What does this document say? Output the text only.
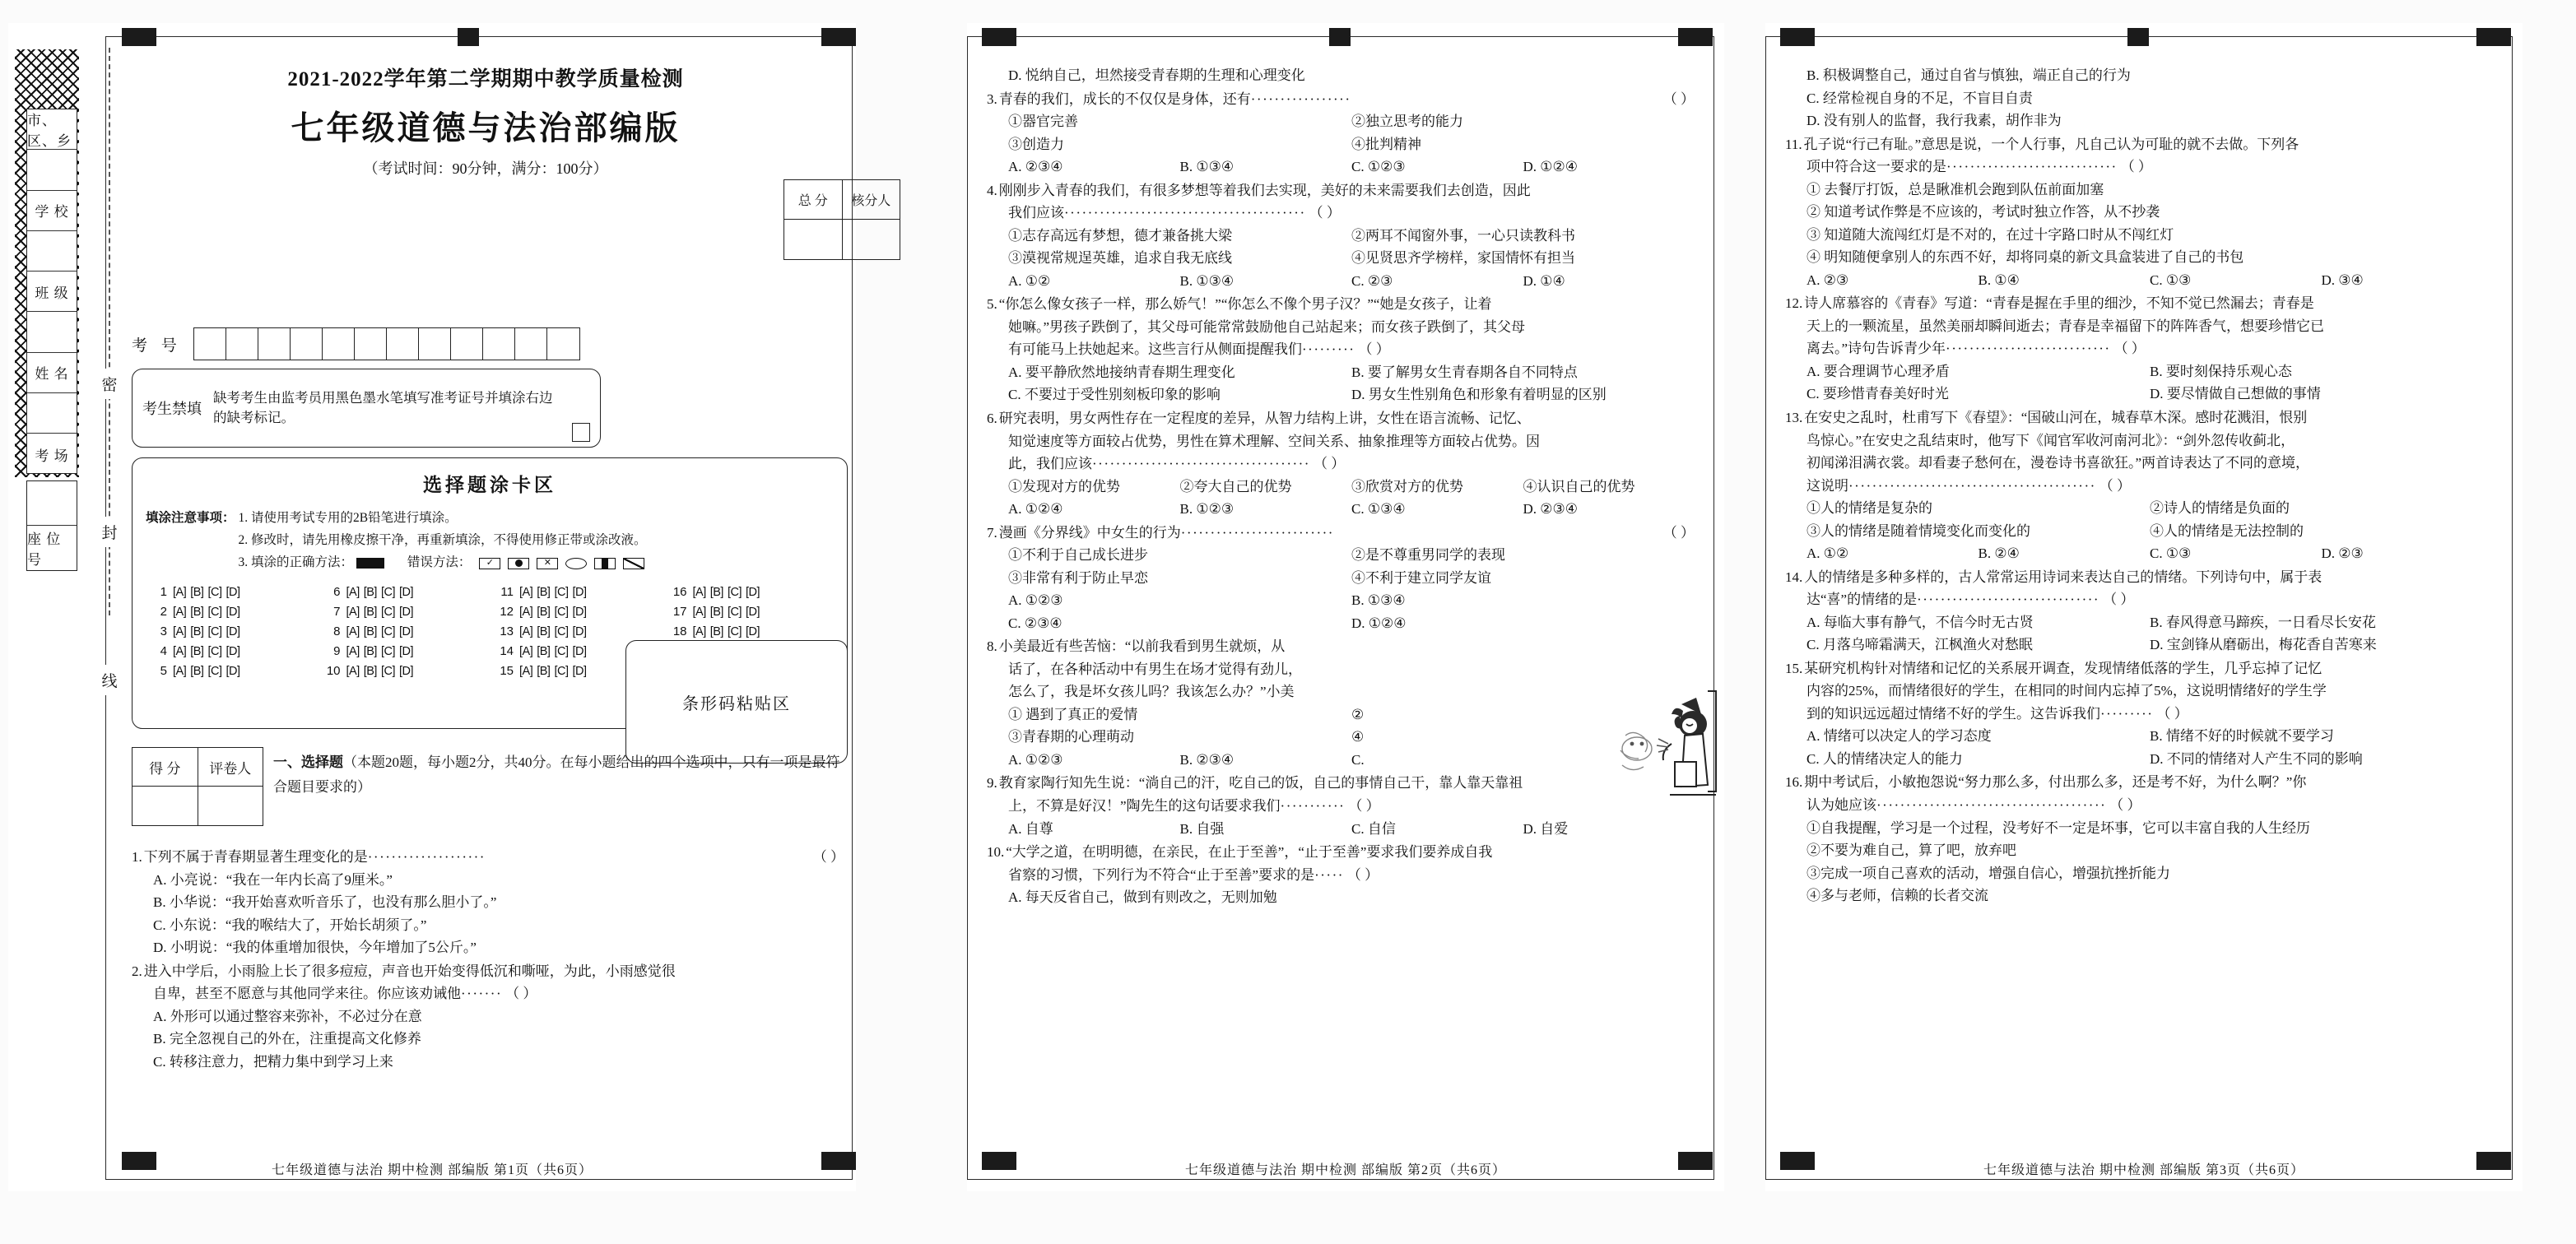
市、区、乡
学 校
班 级
姓 名
考 场
座 位 号
密
封
线
2021-2022学年第二学期期中教学质量检测
七年级道德与法治部编版
（考试时间：90分钟，满分：100分）
总 分	核分人
考 号
考生禁填
缺考考生由监考员用黑色墨水笔填写准考证号并填涂右边的缺考标记。
条形码粘贴区
选择题涂卡区
填涂注意事项： 1. 请使用考试专用的2B铅笔进行填涂。
2. 修改时，请先用橡皮擦干净，再重新填涂，不得使用修正带或涂改液。
3. 填涂的正确方法：	错误方法：	✓	✕
1 [A] [B] [C] [D]	6 [A] [B] [C] [D]	11 [A] [B] [C] [D]	16 [A] [B] [C] [D]
2 [A] [B] [C] [D]	7 [A] [B] [C] [D]	12 [A] [B] [C] [D]	17 [A] [B] [C] [D]
3 [A] [B] [C] [D]	8 [A] [B] [C] [D]	13 [A] [B] [C] [D]	18 [A] [B] [C] [D]
4 [A] [B] [C] [D]	9 [A] [B] [C] [D]	14 [A] [B] [C] [D]
5 [A] [B] [C] [D]	10 [A] [B] [C] [D]	15 [A] [B] [C] [D]
得 分	评卷人	一、选择题（本题20题，每小题2分，共40分。在每小题给出的四个选项中，只有一项是最符合题目要求的）
1. 下列不属于青春期显著生理变化的是····················	（ ）
A. 小亮说：“我在一年内长高了9厘米。”
B. 小华说：“我开始喜欢听音乐了，也没有那么胆小了。”
C. 小东说：“我的喉结大了，开始长胡须了。”
D. 小明说：“我的体重增加很快，今年增加了5公斤。”
2. 进入中学后，小雨脸上长了很多痘痘，声音也开始变得低沉和嘶哑，为此，小雨感觉很
自卑，甚至不愿意与其他同学来往。你应该劝诫他······· （ ）
A. 外形可以通过整容来弥补，不必过分在意
B. 完全忽视自己的外在，注重提高文化修养
C. 转移注意力，把精力集中到学习上来
七年级道德与法治 期中检测 部编版 第1页（共6页）
D. 悦纳自己，坦然接受青春期的生理和心理变化
3. 青春的我们，成长的不仅仅是身体，还有·················	（ ）
①器官完善	②独立思考的能力
③创造力	④批判精神
A. ②③④	B. ①③④	C. ①②③	D. ①②④
4. 刚刚步入青春的我们，有很多梦想等着我们去实现，美好的未来需要我们去创造，因此
我们应该········································· （ ）
①志存高远有梦想，德才兼备挑大梁	②两耳不闻窗外事，一心只读教科书
③漠视常规逞英雄，追求自我无底线	④见贤思齐学榜样，家国情怀有担当
A. ①②	B. ①③④	C. ②③	D. ①④
5. “你怎么像女孩子一样，那么娇气！”“你怎么不像个男子汉？”“她是女孩子，让着
她嘛。”男孩子跌倒了，其父母可能常常鼓励他自己站起来；而女孩子跌倒了，其父母
有可能马上扶她起来。这些言行从侧面提醒我们········· （ ）
A. 要平静欣然地接纳青春期生理变化	B. 要了解男女生青春期各自不同特点
C. 不要过于受性别刻板印象的影响	D. 男女生性别角色和形象有着明显的区别
6. 研究表明，男女两性存在一定程度的差异，从智力结构上讲，女性在语言流畅、记忆、
知觉速度等方面较占优势，男性在算术理解、空间关系、抽象推理等方面较占优势。因
此，我们应该····································· （ ）
①发现对方的优势	②夸大自己的优势	③欣赏对方的优势	④认识自己的优势
A. ①②④	B. ①②③	C. ①③④	D. ②③④
7. 漫画《分界线》中女生的行为··························	（ ）
①不利于自己成长进步	②是不尊重男同学的表现
③非常有利于防止早恋	④不利于建立同学友谊
A. ①②③	B. ①③④
C. ②③④	D. ①②④
8. 小美最近有些苦恼：“以前我看到男生就烦，从
话了，在各种活动中有男生在场才觉得有劲儿，
怎么了，我是坏女孩儿吗？我该怎么办？”小美
① 遇到了真正的爱情	②
③青春期的心理萌动	④
A. ①②③	B. ②③④	C.
9. 教育家陶行知先生说：“淌自己的汗，吃自己的饭，自己的事情自己干，靠人靠天靠祖
上，不算是好汉！”陶先生的这句话要求我们··········· （ ）
A. 自尊	B. 自强	C. 自信	D. 自爱
10. “大学之道，在明明德，在亲民，在止于至善”，“止于至善”要求我们要养成自我
省察的习惯，下列行为不符合“止于至善”要求的是····· （ ）
A. 每天反省自己，做到有则改之，无则加勉
七年级道德与法治 期中检测 部编版 第2页（共6页）
B. 积极调整自己，通过自省与慎独，端正自己的行为
C. 经常检视自身的不足，不盲目自责
D. 没有别人的监督，我行我素，胡作非为
11. 孔子说“行己有耻。”意思是说，一个人行事，凡自己认为可耻的就不去做。下列各
项中符合这一要求的是····························· （ ）
① 去餐厅打饭，总是瞅准机会跑到队伍前面加塞
② 知道考试作弊是不应该的，考试时独立作答，从不抄袭
③ 知道随大流闯红灯是不对的，在过十字路口时从不闯红灯
④ 明知随便拿别人的东西不好，却将同桌的新文具盒装进了自己的书包
A. ②③	B. ①④	C. ①③	D. ③④
12. 诗人席慕容的《青春》写道：“青春是握在手里的细沙，不知不觉已然漏去；青春是
天上的一颗流星，虽然美丽却瞬间逝去；青春是幸福留下的阵阵香气，想要珍惜它已
离去。”诗句告诉青少年···························· （ ）
A. 要合理调节心理矛盾	B. 要时刻保持乐观心态
C. 要珍惜青春美好时光	D. 要尽情做自己想做的事情
13. 在安史之乱时，杜甫写下《春望》：“国破山河在，城春草木深。感时花溅泪，恨别
鸟惊心。”在安史之乱结束时，他写下《闻官军收河南河北》：“剑外忽传收蓟北，
初闻涕泪满衣裳。却看妻子愁何在，漫卷诗书喜欲狂。”两首诗表达了不同的意境，
这说明·········································· （ ）
①人的情绪是复杂的	②诗人的情绪是负面的
③人的情绪是随着情境变化而变化的	④人的情绪是无法控制的
A. ①②	B. ②④	C. ①③	D. ②③
14. 人的情绪是多种多样的，古人常常运用诗词来表达自己的情绪。下列诗句中，属于表
达“喜”的情绪的是······························· （ ）
A. 每临大事有静气，不信今时无古贤	B. 春风得意马蹄疾，一日看尽长安花
C. 月落乌啼霜满天，江枫渔火对愁眠	D. 宝剑锋从磨砺出，梅花香自苦寒来
15. 某研究机构针对情绪和记忆的关系展开调查，发现情绪低落的学生，几乎忘掉了记忆
内容的25%，而情绪很好的学生，在相同的时间内忘掉了5%，这说明情绪好的学生学
到的知识远远超过情绪不好的学生。这告诉我们········· （ ）
A. 情绪可以决定人的学习态度	B. 情绪不好的时候就不要学习
C. 人的情绪决定人的能力	D. 不同的情绪对人产生不同的影响
16. 期中考试后，小敏抱怨说“努力那么多，付出那么多，还是考不好，为什么啊？”你
认为她应该······································· （ ）
①自我提醒，学习是一个过程，没考好不一定是坏事，它可以丰富自我的人生经历
②不要为难自己，算了吧，放弃吧
③完成一项自己喜欢的活动，增强自信心，增强抗挫折能力
④多与老师，信赖的长者交流
七年级道德与法治 期中检测 部编版 第3页（共6页）
